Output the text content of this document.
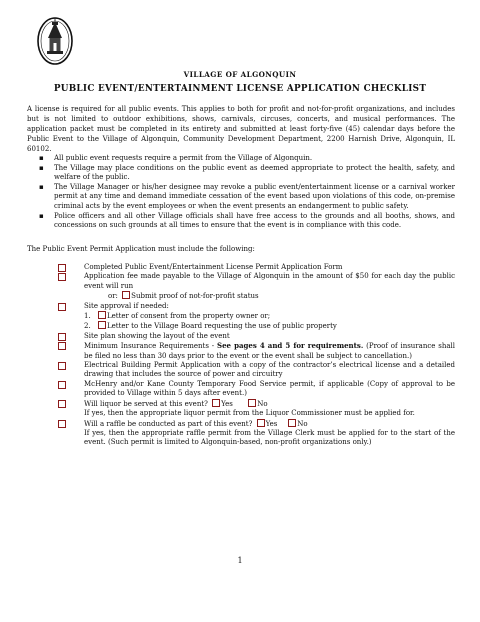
VILLAGE OF ALGONQUIN
PUBLIC EVENT/ENTERTAINMENT LICENSE APPLICATION CHECKLIST
A license is required for all public events. This applies to both for profit and not-for-profit organizations, and includes but is not limited to outdoor exhibitions, shows, carnivals, circuses, concerts, and musical performances. The application packet must be completed in its entirety and submitted at least forty-five (45) calendar days before the Public Event to the Village of Algonquin, Community Development Department, 2200 Harnish Drive, Algonquin, IL 60102.
▪ All public event requests require a permit from the Village of Algonquin.
▪ The Village may place conditions on the public event as deemed appropriate to protect the health, safety, and welfare of the public.
▪ The Village Manager or his/her designee may revoke a public event/entertainment license or a carnival worker permit at any time and demand immediate cessation of the event based upon violations of this code, on-premise criminal acts by the event employees or when the event presents an endangerment to public safety.
▪ Police officers and all other Village officials shall have free access to the grounds and all booths, shows, and concessions on such grounds at all times to ensure that the event is in compliance with this code.
The Public Event Permit Application must include the following:
Completed Public Event/Entertainment License Permit Application Form
Application fee made payable to the Village of Algonquin in the amount of $50 for each day the public event will run
or: Submit proof of not-for-profit status
Site approval if needed:
1. Letter of consent from the property owner or;
2. Letter to the Village Board requesting the use of public property
Site plan showing the layout of the event
Minimum Insurance Requirements - See pages 4 and 5 for requirements. (Proof of insurance shall be filed no less than 30 days prior to the event or the event shall be subject to cancellation.)
Electrical Building Permit Application with a copy of the contractor’s electrical license and a detailed drawing that includes the source of power and circuitry
McHenry and/or Kane County Temporary Food Service permit, if applicable (Copy of approval to be provided to Village within 5 days after event.)
Will liquor be served at this event? Yes	No
If yes, then the appropriate liquor permit from the Liquor Commissioner must be applied for.
Will a raffle be conducted as part of this event? Yes	No
If yes, then the appropriate raffle permit from the Village Clerk must be applied for to the start of the event. (Such permit is limited to Algonquin-based, non-profit organizations only.)
1
